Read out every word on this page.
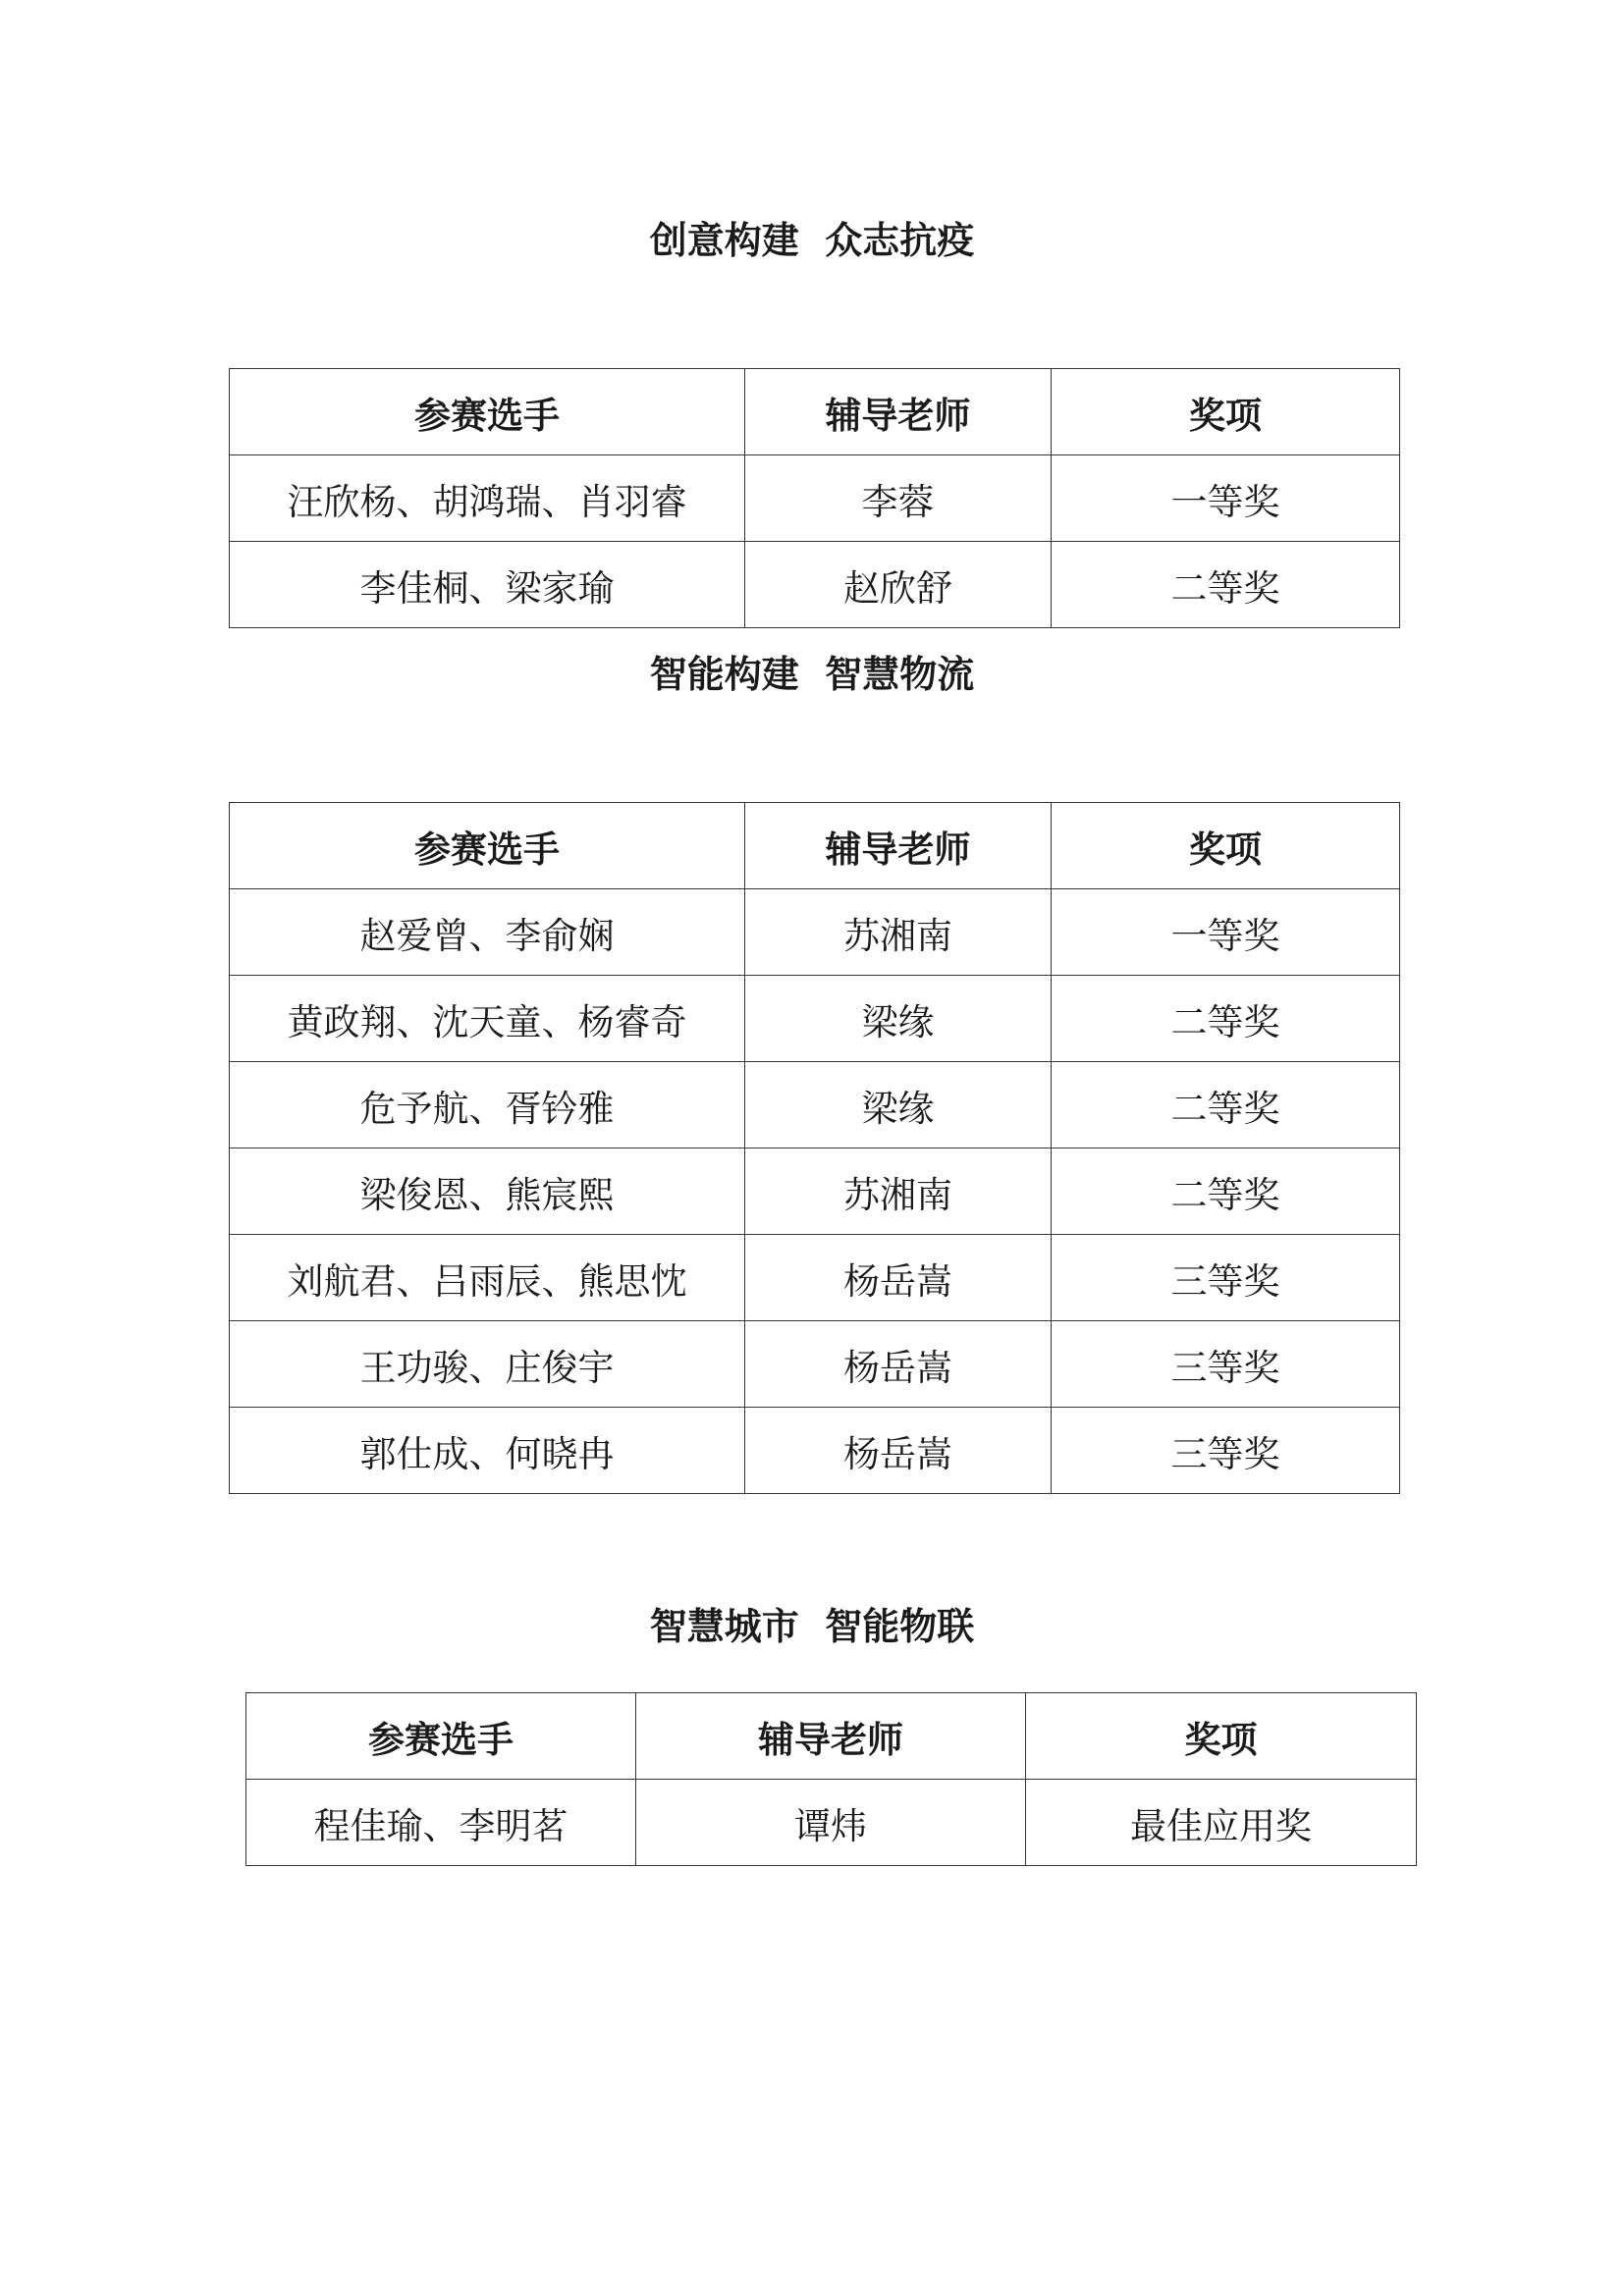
创意构建  众志抗疫
参赛选手	辅导老师	奖项
汪欣杨、胡鸿瑞、肖羽睿	李蓉	一等奖
李佳桐、梁家瑜	赵欣舒	二等奖
智能构建  智慧物流
参赛选手	辅导老师	奖项
赵爱曾、李俞娴	苏湘南	一等奖
黄政翔、沈天童、杨睿奇	梁缘	二等奖
危予航、胥钤雅	梁缘	二等奖
梁俊恩、熊宸熙	苏湘南	二等奖
刘航君、吕雨辰、熊思忱	杨岳嵩	三等奖
王功骏、庄俊宇	杨岳嵩	三等奖
郭仕成、何晓冉	杨岳嵩	三等奖
智慧城市  智能物联
参赛选手	辅导老师	奖项
程佳瑜、李明茗	谭炜	最佳应用奖
